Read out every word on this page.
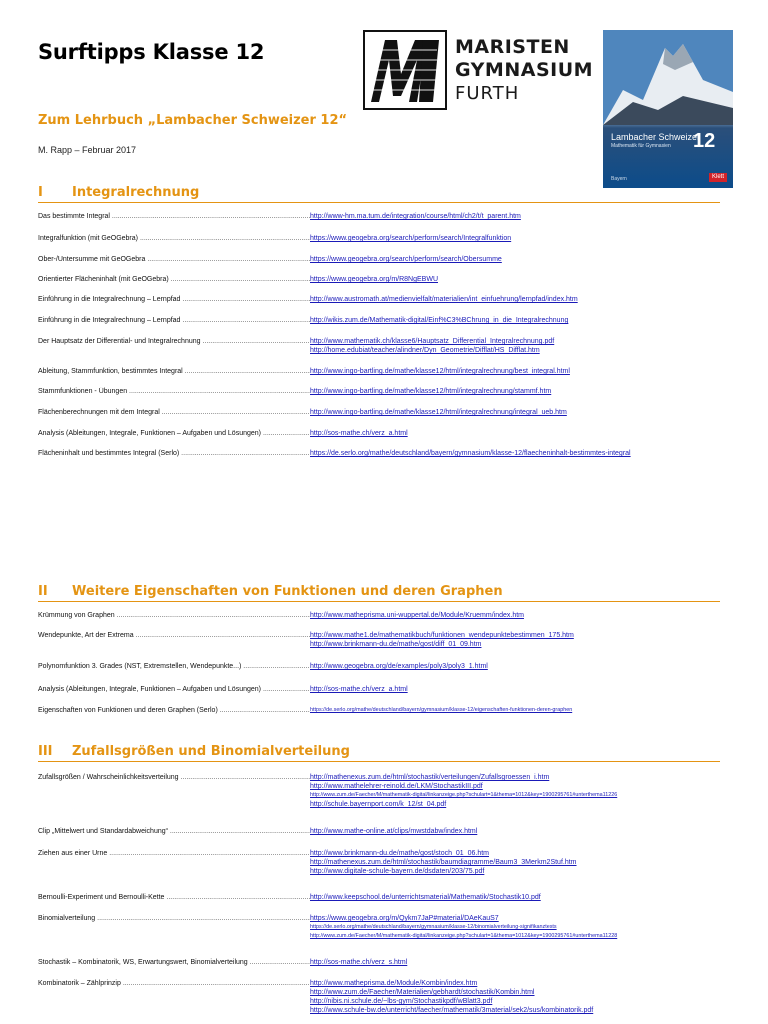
Surftipps Klasse 12	MARISTEN
GYMNASIUM
FURTH
Lambacher Schweizer
Mathematik für Gymnasien 12
Bayern	Klett
Zum Lehrbuch „Lambacher Schweizer 12“
M. Rapp – Februar 2017
I Integralrechnung
Das bestimmte Integral .....	http://www-hm.ma.tum.de/integration/course/html/ch2/t/t_parent.htm
Integralfunktion (mit GeOGebra) .....	https://www.geogebra.org/search/perform/search/Integralfunktion
Ober-/Untersumme mit GeOGebra .....	https://www.geogebra.org/search/perform/search/Obersumme
Orientierter Flächeninhalt (mit GeOGebra) .....	https://www.geogebra.org/m/R8NgEBWU
Einführung in die Integralrechnung – Lernpfad .....	http://www.austromath.at/medienvielfalt/materialien/int_einfuehrung/lernpfad/index.htm
Einführung in die Integralrechnung – Lernpfad .....	http://wikis.zum.de/Mathematik-digital/Einf%C3%BChrung_in_die_Integralrechnung
Der Hauptsatz der Differential- und Integralrechnung .....	http://www.mathematik.ch/klasse6/Hauptsatz_Differential_Integralrechnung.pdf
http://home.edubiat/teacher/alindner/Dyn_Geometrie/Difflat/HS_Difflat.htm
Ableitung, Stammfunktion, bestimmtes Integral .....	http://www.ingo-bartling.de/mathe/klasse12/html/integralrechnung/best_integral.html
Stammfunktionen - Übungen .....	http://www.ingo-bartling.de/mathe/klasse12/html/integralrechnung/stammf.htm
Flächenberechnungen mit dem Integral .....	http://www.ingo-bartling.de/mathe/klasse12/html/integralrechnung/integral_ueb.htm
Analysis (Ableitungen, Integrale, Funktionen – Aufgaben und Lösungen) .....	http://sos-mathe.ch/verz_a.html
Flächeninhalt und bestimmtes Integral (Serlo) .....	https://de.serlo.org/mathe/deutschland/bayern/gymnasium/klasse-12/flaecheninhalt-bestimmtes-integral
II Weitere Eigenschaften von Funktionen und deren Graphen
Krümmung von Graphen .....	http://www.matheprisma.uni-wuppertal.de/Module/Kruemm/index.htm
Wendepunkte, Art der Extrema .....	http://www.mathe1.de/mathematikbuch/funktionen_wendepunktebestimmen_175.htm
http://www.brinkmann-du.de/mathe/gost/diff_01_09.htm
Polynomfunktion 3. Grades (NST, Extremstellen, Wendepunkte...) .....	http://www.geogebra.org/de/examples/poly3/poly3_1.html
Analysis (Ableitungen, Integrale, Funktionen – Aufgaben und Lösungen) .....	http://sos-mathe.ch/verz_a.html
Eigenschaften von Funktionen und deren Graphen (Serlo) .....	https://de.serlo.org/mathe/deutschland/bayern/gymnasium/klasse-12/eigenschaften-funktionen-deren-graphen
III Zufallsgrößen und Binomialverteilung
Zufallsgrößen / Wahrscheinlichkeitsverteilung .....	http://mathenexus.zum.de/html/stochastik/verteilungen/Zufallsgroessen_i.htm
http://www.mathelehrer-reinold.de/LKM/StochastikIII.pdf
http://www.zum.de/Faecher/M/mathematik-digital/linkanzeige.php?schulart=1&thema=1012&key=1900295761#unterthema11226
http://schule.bayernport.com/k_12/st_04.pdf
Clip „Mittelwert und Standardabweichung“ .....	http://www.mathe-online.at/clips/mwstdabw/index.html
Ziehen aus einer Urne .....	http://www.brinkmann-du.de/mathe/gost/stoch_01_06.htm
http://mathenexus.zum.de/html/stochastik/baumdiagramme/Baum3_3Merkm2Stuf.htm
http://www.digitale-schule-bayern.de/dsdaten/203/75.pdf
Bernoulli-Experiment und Bernoulli-Kette .....	http://www.keepschool.de/unterrichtsmaterial/Mathematik/Stochastik10.pdf
Binomialverteilung .....	https://www.geogebra.org/m/Qykm7JaP#material/DAeKauS7
https://de.serlo.org/mathe/deutschland/bayern/gymnasium/klasse-12/binomialverteilung-signifikanztests
http://www.zum.de/Faecher/M/mathematik-digital/linkanzeige.php?schulart=1&thema=1012&key=1900295761#unterthema11228
Stochastik – Kombinatorik, WS, Erwartungswert, Binomialverteilung .....	http://sos-mathe.ch/verz_s.html
Kombinatorik – Zählprinzip .....	http://www.matheprisma.de/Module/Kombin/index.htm
http://www.zum.de/Faecher/Materialien/gebhardt/stochastik/Kombin.html
http://nibis.ni.schule.de/~lbs-gym/Stochastikpdf/wBlatt3.pdf
http://www.schule-bw.de/unterricht/faecher/mathematik/3material/sek2/sus/kombinatorik.pdf
